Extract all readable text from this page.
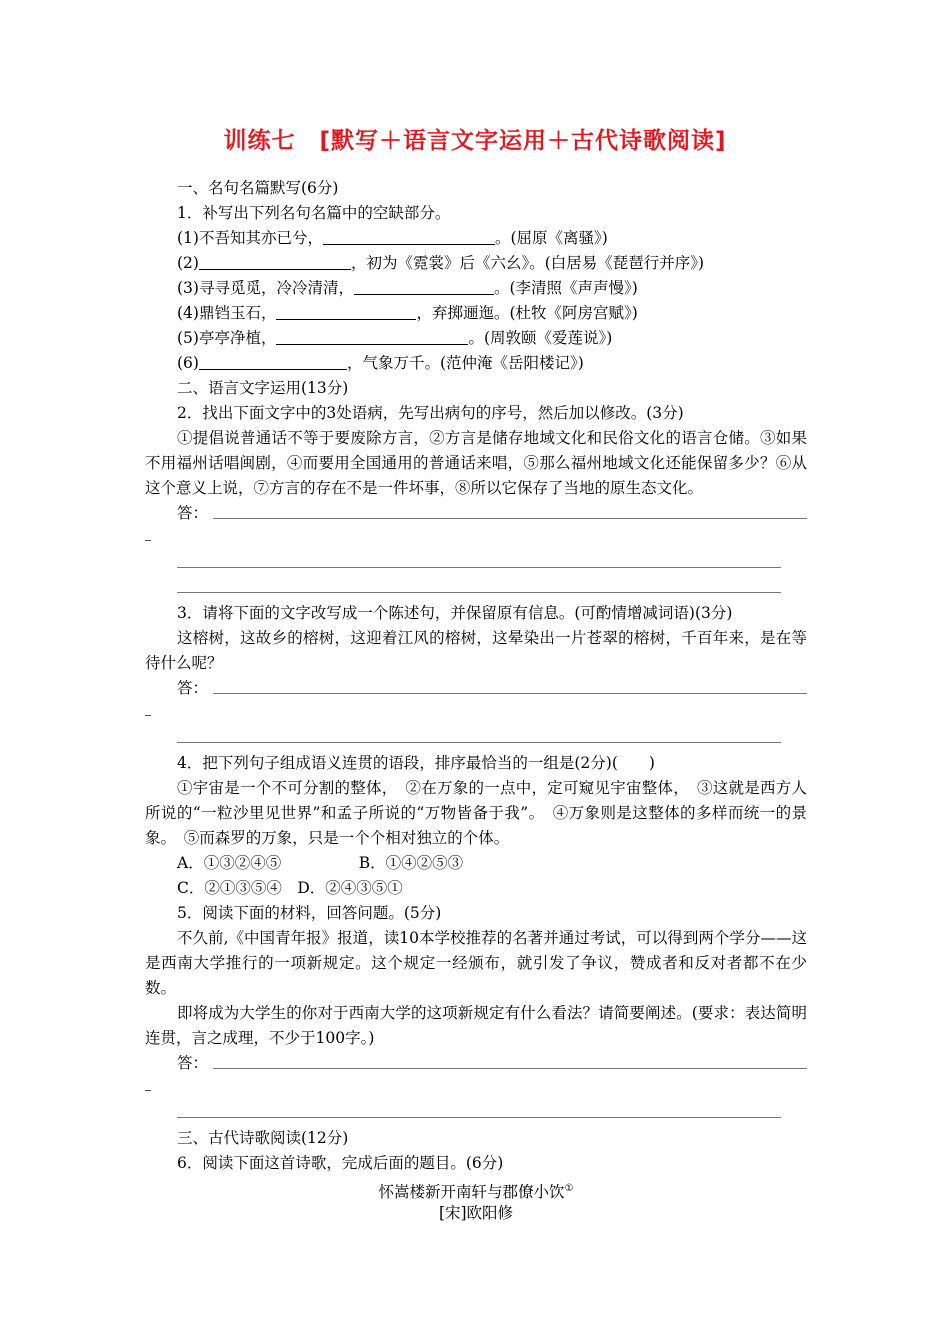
训练七　[默写＋语言文字运用＋古代诗歌阅读]
一、名句名篇默写(6分)
1．补写出下列名句名篇中的空缺部分。
(1)不吾知其亦已兮，	。(屈原《离骚》)
(2)	，初为《霓裳》后《六幺》。(白居易《琵琶行并序》)
(3)寻寻觅觅，冷冷清清，	。(李清照《声声慢》)
(4)鼎铛玉石，	，弃掷逦迤。(杜牧《阿房宫赋》)
(5)亭亭净植，	。(周敦颐《爱莲说》)
(6)	，气象万千。(范仲淹《岳阳楼记》)
二、语言文字运用(13分)
2．找出下面文字中的3处语病，先写出病句的序号，然后加以修改。(3分)
①提倡说普通话不等于要废除方言，②方言是储存地域文化和民俗文化的语言仓储。③如果不用福州话唱闽剧，④而要用全国通用的普通话来唱，⑤那么福州地域文化还能保留多少？⑥从这个意义上说，⑦方言的存在不是一件坏事，⑧所以它保存了当地的原生态文化。
答：
3．请将下面的文字改写成一个陈述句，并保留原有信息。(可酌情增减词语)(3分)
这榕树，这故乡的榕树，这迎着江风的榕树，这晕染出一片苍翠的榕树，千百年来，是在等待什么呢？
答：
4．把下列句子组成语义连贯的语段，排序最恰当的一组是(2分)(　　)
①宇宙是一个不可分割的整体，　②在万象的一点中，定可窥见宇宙整体，　③这就是西方人所说的“一粒沙里见世界”和孟子所说的“万物皆备于我”。　④万象则是这整体的多样而统一的景象。　⑤而森罗的万象，只是一个个相对独立的个体。
A．①③②④⑤　　　　　B．①④②⑤③
C．②①③⑤④　D．②④③⑤①
5．阅读下面的材料，回答问题。(5分)
不久前,《中国青年报》报道，读10本学校推荐的名著并通过考试，可以得到两个学分——这是西南大学推行的一项新规定。这个规定一经颁布，就引发了争议，赞成者和反对者都不在少数。
即将成为大学生的你对于西南大学的这项新规定有什么看法？请简要阐述。(要求：表达简明连贯，言之成理，不少于100字。)
答：
三、古代诗歌阅读(12分)
6．阅读下面这首诗歌，完成后面的题目。(6分)
怀嵩楼新开南轩与郡僚小饮①
[宋]欧阳修
